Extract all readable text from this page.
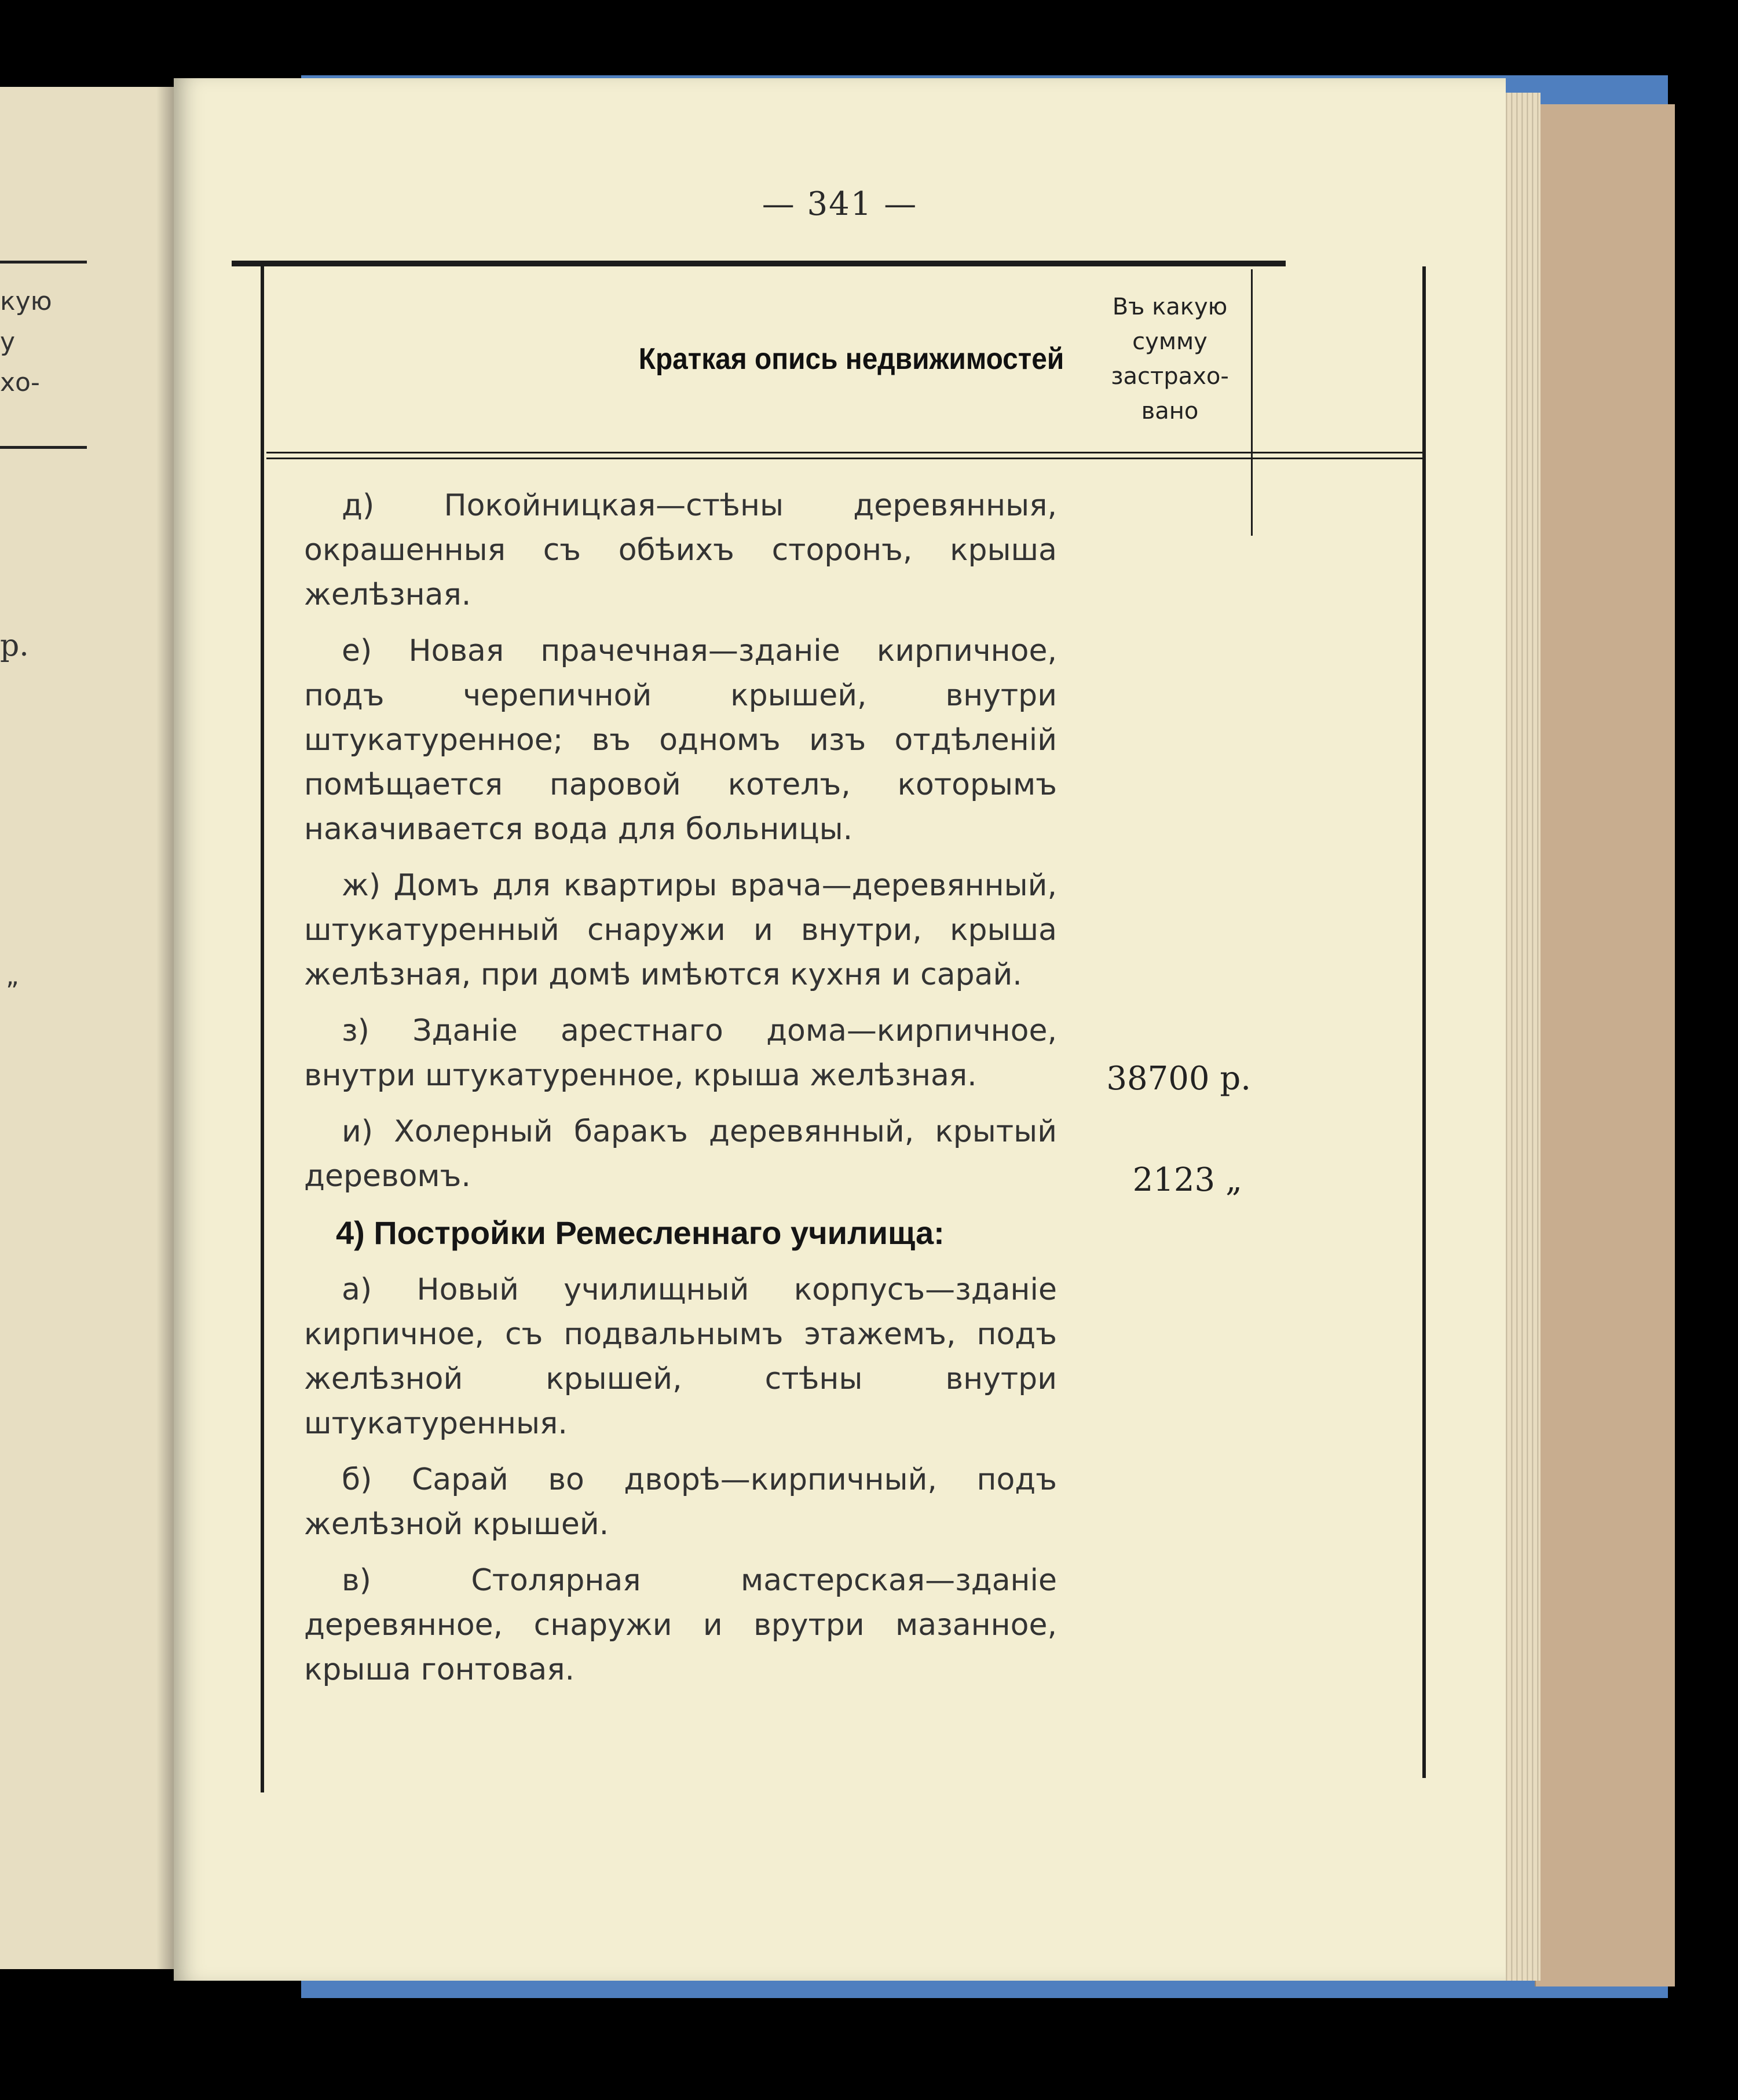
кую
у
хо-
р.
„
— 341 —
Краткая опись недвижимостей
Въ какую
сумму
застрахо-
вано

д) Покойницкая—стѣны деревянныя, окрашенныя съ обѣихъ сторонъ, крыша желѣзная.

е) Новая прачечная—зданіе кирпичное, подъ черепичной крышей, внутри штукатуренное; въ одномъ изъ отдѣленій помѣщается паровой котелъ, которымъ накачивается вода для больницы.

ж) Домъ для квартиры врача—деревянный, штукатуренный снаружи и внутри, крыша желѣзная, при домѣ имѣются кухня и сарай.

з) Зданіе арестнаго дома—кирпичное, внутри штукатуренное, крыша желѣзная.

и) Холерный баракъ деревянный, крытый деревомъ.

4) Постройки Ремесленнаго училища:

а) Новый училищный корпусъ—зданіе кирпичное, съ подвальнымъ этажемъ, подъ желѣзной крышей, стѣны внутри штукатуренныя.

б) Сарай во дворѣ—кирпичный, подъ желѣзной крышей.

в) Столярная мастерская—зданіе деревянное, снаружи и врутри мазанное, крыша гонтовая.

38700 р.
2123 „
